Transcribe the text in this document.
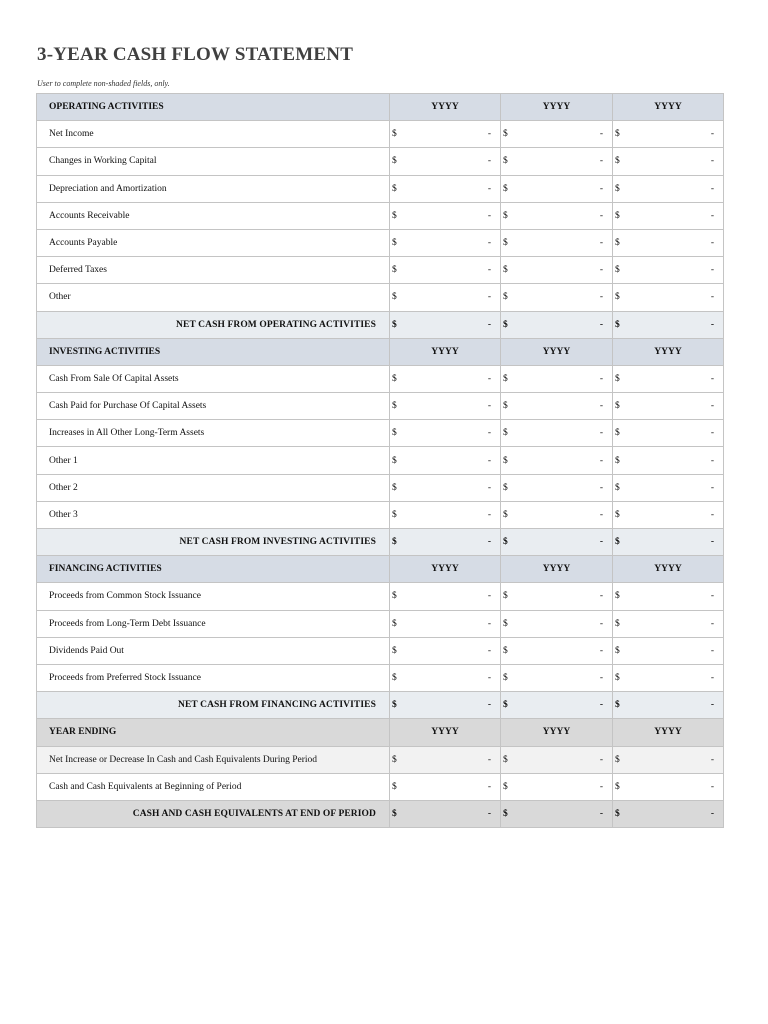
3-YEAR CASH FLOW STATEMENT
User to complete non-shaded fields, only.
OPERATING ACTIVITIES	YYYY	YYYY	YYYY
Net Income	$ -	$ -	$ -

Changes in Working Capital	$ -	$ -	$ -

Depreciation and Amortization	$ -	$ -	$ -

Accounts Receivable	$ -	$ -	$ -

Accounts Payable	$ -	$ -	$ -

Deferred Taxes	$ -	$ -	$ -

Other	$ -	$ -	$ -

NET CASH FROM OPERATING ACTIVITIES	$ -	$ -	$ -

INVESTING ACTIVITIES	YYYY	YYYY	YYYY
Cash From Sale Of Capital Assets	$ -	$ -	$ -

Cash Paid for Purchase Of Capital Assets	$ -	$ -	$ -

Increases in All Other Long-Term Assets	$ -	$ -	$ -

Other 1	$ -	$ -	$ -

Other 2	$ -	$ -	$ -

Other 3	$ -	$ -	$ -

NET CASH FROM INVESTING ACTIVITIES	$ -	$ -	$ -

FINANCING ACTIVITIES	YYYY	YYYY	YYYY
Proceeds from Common Stock Issuance	$ -	$ -	$ -

Proceeds from Long-Term Debt Issuance	$ -	$ -	$ -

Dividends Paid Out	$ -	$ -	$ -

Proceeds from Preferred Stock Issuance	$ -	$ -	$ -

NET CASH FROM FINANCING ACTIVITIES	$ -	$ -	$ -

YEAR ENDING	YYYY	YYYY	YYYY
Net Increase or Decrease In Cash and Cash Equivalents During Period	$ -	$ -	$ -

Cash and Cash Equivalents at Beginning of Period	$ -	$ -	$ -

CASH AND CASH EQUIVALENTS AT END OF PERIOD	$ -	$ -	$ -
